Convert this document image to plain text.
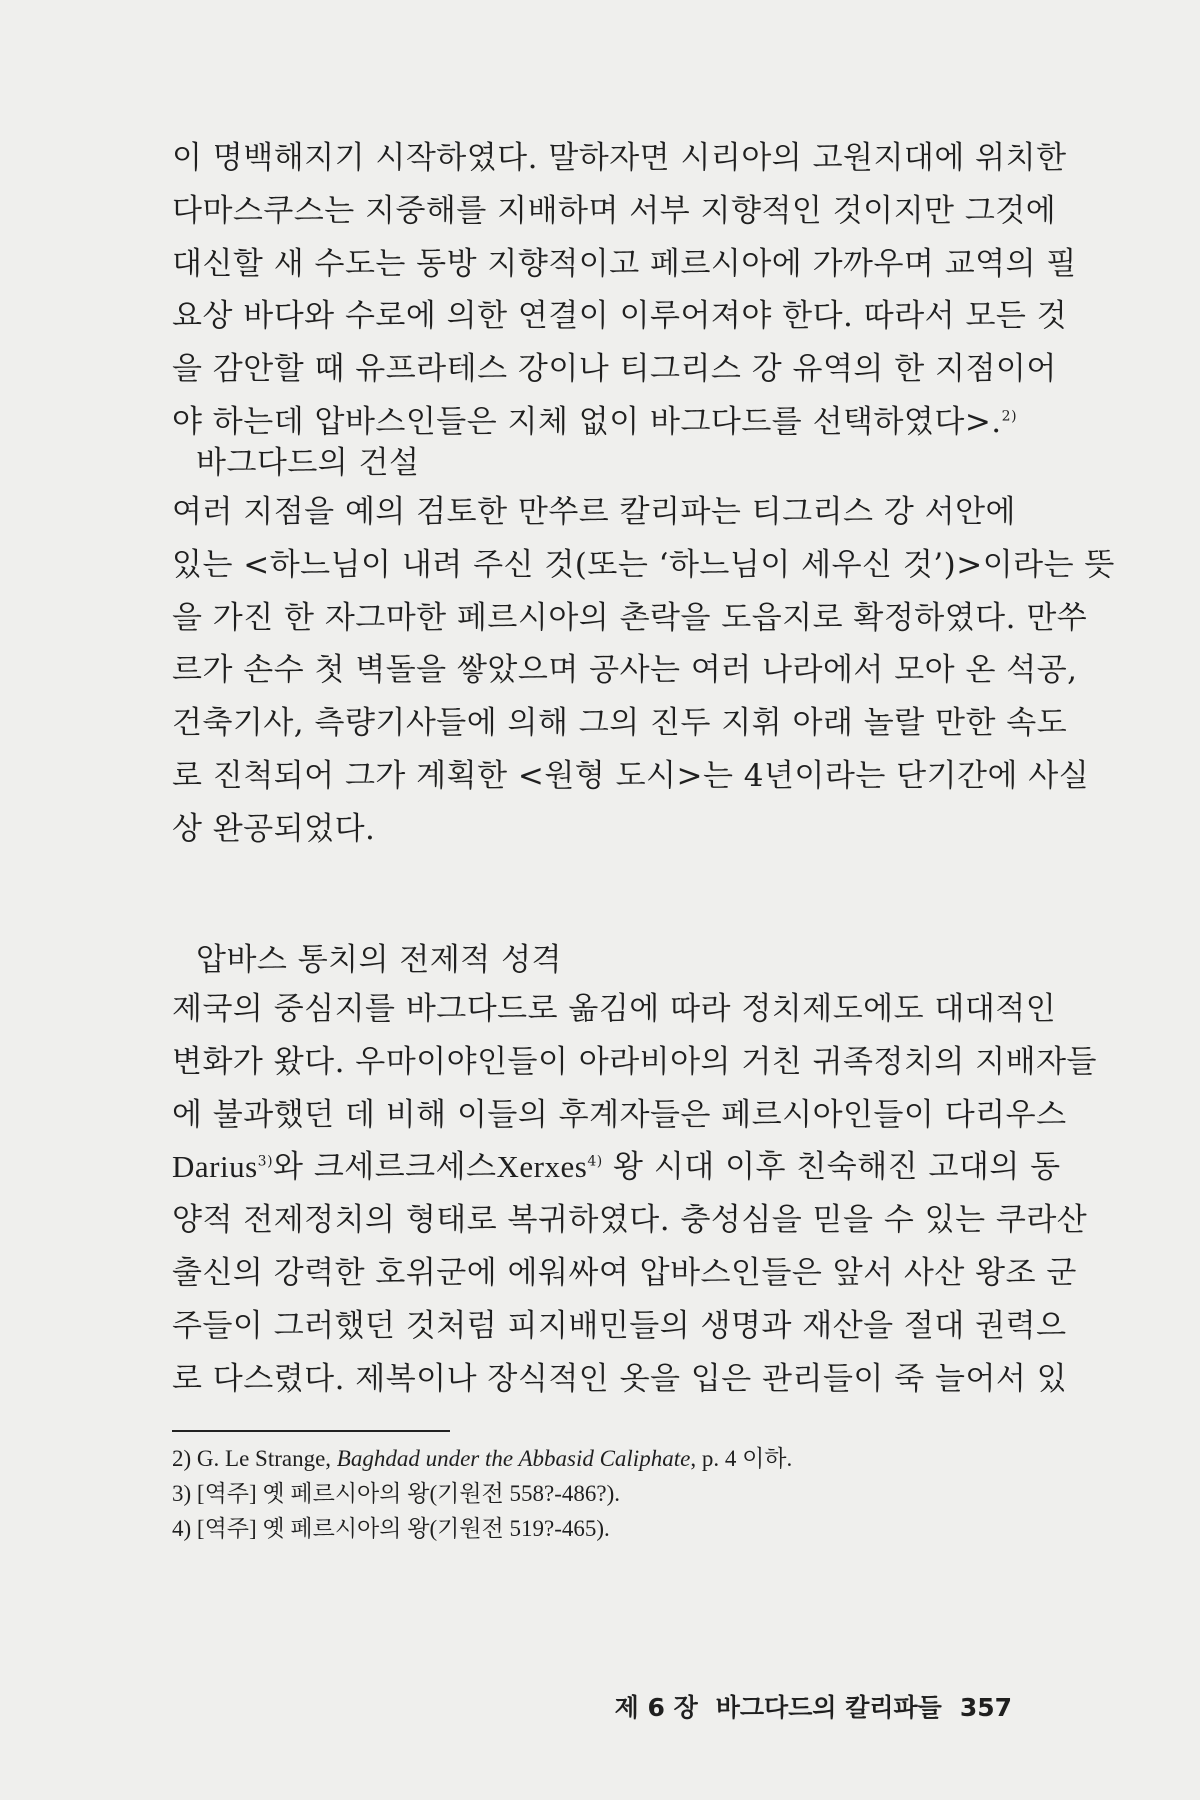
이 명백해지기 시작하였다. 말하자면 시리아의 고원지대에 위치한
다마스쿠스는 지중해를 지배하며 서부 지향적인 것이지만 그것에
대신할 새 수도는 동방 지향적이고 페르시아에 가까우며 교역의 필
요상 바다와 수로에 의한 연결이 이루어져야 한다. 따라서 모든 것
을 감안할 때 유프라테스 강이나 티그리스 강 유역의 한 지점이어
야 하는데 압바스인들은 지체 없이 바그다드를 선택하였다>.$^{2)}$
바그다드의 건설
여러 지점을 예의 검토한 만쑤르 칼리파는 티그리스 강 서안에
있는 <하느님이 내려 주신 것(또는 ‘하느님이 세우신 것’)>이라는 뜻
을 가진 한 자그마한 페르시아의 촌락을 도읍지로 확정하였다. 만쑤
르가 손수 첫 벽돌을 쌓았으며 공사는 여러 나라에서 모아 온 석공,
건축기사, 측량기사들에 의해 그의 진두 지휘 아래 놀랄 만한 속도
로 진척되어 그가 계획한 <원형 도시>는 4년이라는 단기간에 사실
상 완공되었다.
압바스 통치의 전제적 성격
제국의 중심지를 바그다드로 옮김에 따라 정치제도에도 대대적인
변화가 왔다. 우마이야인들이 아라비아의 거친 귀족정치의 지배자들
에 불과했던 데 비해 이들의 후계자들은 페르시아인들이 다리우스
Darius$^{3)}$와 크세르크세스Xerxes$^{4)}$ 왕 시대 이후 친숙해진 고대의 동
양적 전제정치의 형태로 복귀하였다. 충성심을 믿을 수 있는 쿠라산
출신의 강력한 호위군에 에워싸여 압바스인들은 앞서 사산 왕조 군
주들이 그러했던 것처럼 피지배민들의 생명과 재산을 절대 권력으
로 다스렸다. 제복이나 장식적인 옷을 입은 관리들이 죽 늘어서 있
2) G. Le Strange, Baghdad under the Abbasid Caliphate, p. 4 이하.
3) [역주] 옛 페르시아의 왕(기원전 558?-486?).
4) [역주] 옛 페르시아의 왕(기원전 519?-465).
제 6 장 바그다드의 칼리파들 357
